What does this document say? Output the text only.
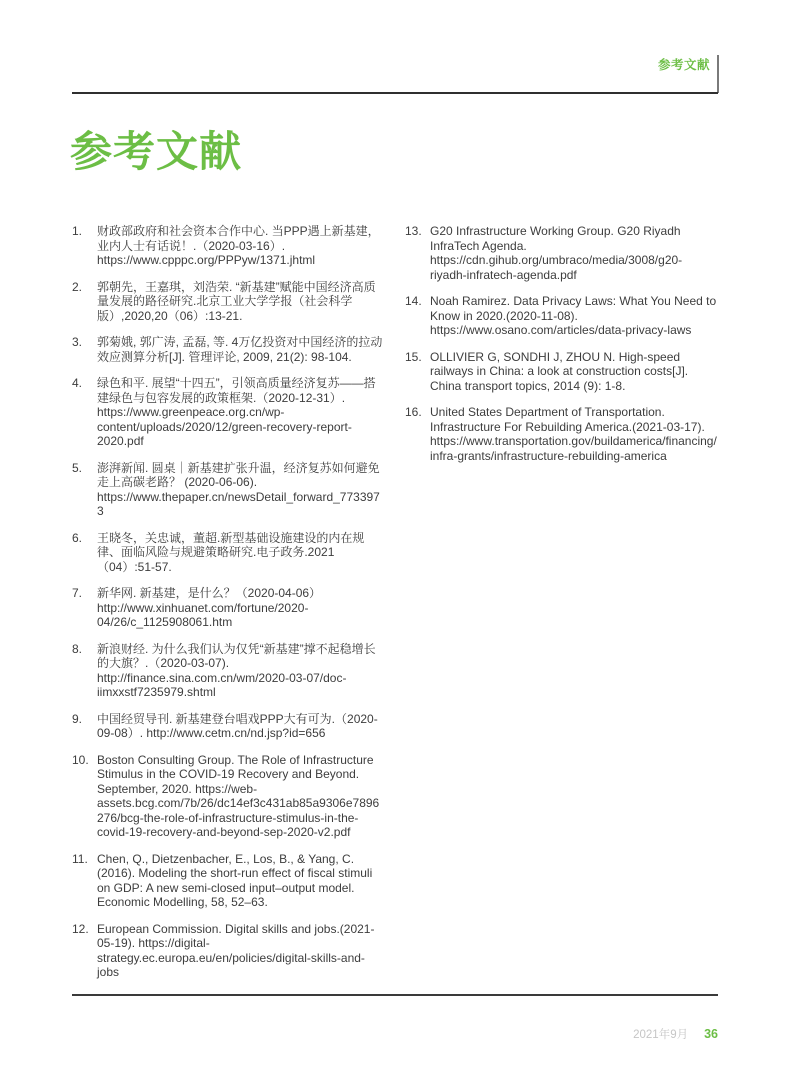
参考文献
参考文献
1.	财政部政府和社会资本合作中心. 当PPP遇上新基建，业内人士有话说！.（2020-03-16）. https://www.cpppc.org/PPPyw/1371.jhtml
2.	郭朝先，王嘉琪，刘浩荣. “新基建”赋能中国经济高质量发展的路径研究.北京工业大学学报（社会科学版）,2020,20（06）:13-21.
3.	郭菊娥, 郭广涛, 孟磊, 等. 4万亿投资对中国经济的拉动效应测算分析[J]. 管理评论, 2009, 21(2): 98-104.
4.	绿色和平. 展望“十四五”，引领高质量经济复苏——搭建绿色与包容发展的政策框架.（2020-12-31）. https://www.greenpeace.org.cn/wp-content/uploads/2020/12/green-recovery-report-2020.pdf
5.	澎湃新闻. 圆桌｜新基建扩张升温，经济复苏如何避免走上高碳老路？ (2020-06-06). https://www.thepaper.cn/newsDetail_forward_7733973
6.	王晓冬，关忠诚，董超.新型基础设施建设的内在规律、面临风险与规避策略研究.电子政务.2021（04）:51-57.
7.	新华网. 新基建，是什么？（2020-04-06）http://www.xinhuanet.com/fortune/2020-04/26/c_1125908061.htm
8.	新浪财经. 为什么我们认为仅凭“新基建”撑不起稳增长的大旗？.（2020-03-07). http://finance.sina.com.cn/wm/2020-03-07/doc-iimxxstf7235979.shtml
9.	中国经贸导刊. 新基建登台唱戏PPP大有可为.（2020-09-08）. http://www.cetm.cn/nd.jsp?id=656
10. Boston Consulting Group. The Role of Infrastructure Stimulus in the COVID-19 Recovery and Beyond. September, 2020. https://web-assets.bcg.com/7b/26/dc14ef3c431ab85a9306e7896276/bcg-the-role-of-infrastructure-stimulus-in-the-covid-19-recovery-and-beyond-sep-2020-v2.pdf
11. Chen, Q., Dietzenbacher, E., Los, B., & Yang, C. (2016). Modeling the short-run effect of fiscal stimuli on GDP: A new semi-closed input–output model. Economic Modelling, 58, 52–63.
12. European Commission. Digital skills and jobs.(2021-05-19). https://digital-strategy.ec.europa.eu/en/policies/digital-skills-and-jobs
13. G20 Infrastructure Working Group. G20 Riyadh InfraTech Agenda. https://cdn.gihub.org/umbraco/media/3008/g20-riyadh-infratech-agenda.pdf
14. Noah Ramirez. Data Privacy Laws: What You Need to Know in 2020.(2020-11-08). https://www.osano.com/articles/data-privacy-laws
15. OLLIVIER G, SONDHI J, ZHOU N. High-speed railways in China: a look at construction costs[J]. China transport topics, 2014 (9): 1-8.
16. United States Department of Transportation. Infrastructure For Rebuilding America.(2021-03-17). https://www.transportation.gov/buildamerica/financing/infra-grants/infrastructure-rebuilding-america
2021年9月 36
